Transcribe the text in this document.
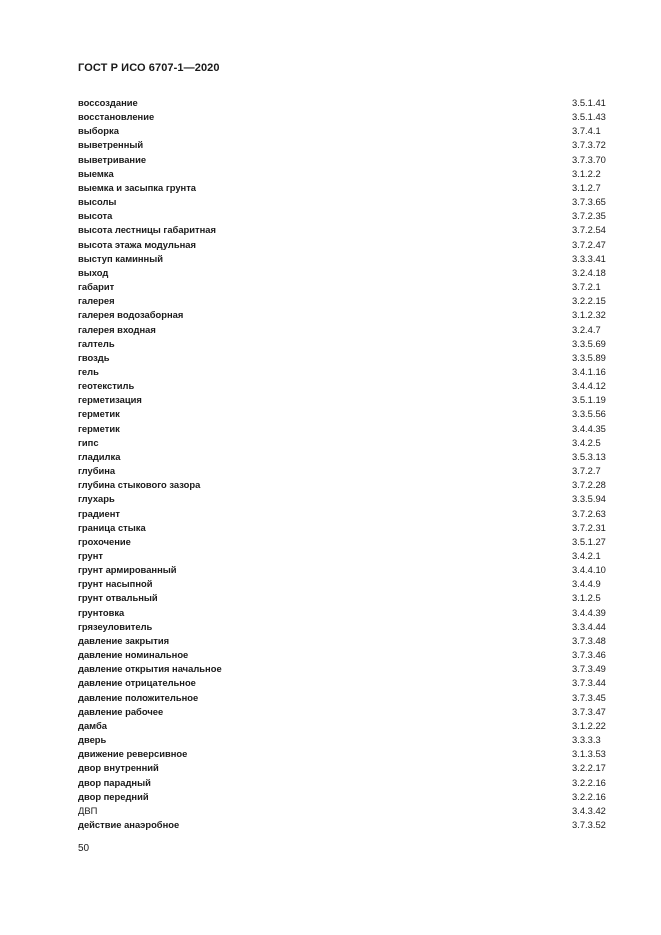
ГОСТ Р ИСО 6707-1—2020
воссоздание	3.5.1.41
восстановление	3.5.1.43
выборка	3.7.4.1
выветренный	3.7.3.72
выветривание	3.7.3.70
выемка	3.1.2.2
выемка и засыпка грунта	3.1.2.7
высолы	3.7.3.65
высота	3.7.2.35
высота лестницы габаритная	3.7.2.54
высота этажа модульная	3.7.2.47
выступ каминный	3.3.3.41
выход	3.2.4.18
габарит	3.7.2.1
галерея	3.2.2.15
галерея водозаборная	3.1.2.32
галерея входная	3.2.4.7
галтель	3.3.5.69
гвоздь	3.3.5.89
гель	3.4.1.16
геотекстиль	3.4.4.12
герметизация	3.5.1.19
герметик	3.3.5.56
герметик	3.4.4.35
гипс	3.4.2.5
гладилка	3.5.3.13
глубина	3.7.2.7
глубина стыкового зазора	3.7.2.28
глухарь	3.3.5.94
градиент	3.7.2.63
граница стыка	3.7.2.31
грохочение	3.5.1.27
грунт	3.4.2.1
грунт армированный	3.4.4.10
грунт насыпной	3.4.4.9
грунт отвальный	3.1.2.5
грунтовка	3.4.4.39
грязеуловитель	3.3.4.44
давление закрытия	3.7.3.48
давление номинальное	3.7.3.46
давление открытия начальное	3.7.3.49
давление отрицательное	3.7.3.44
давление положительное	3.7.3.45
давление рабочее	3.7.3.47
дамба	3.1.2.22
дверь	3.3.3.3
движение реверсивное	3.1.3.53
двор внутренний	3.2.2.17
двор парадный	3.2.2.16
двор передний	3.2.2.16
ДВП	3.4.3.42
действие анаэробное	3.7.3.52
50
